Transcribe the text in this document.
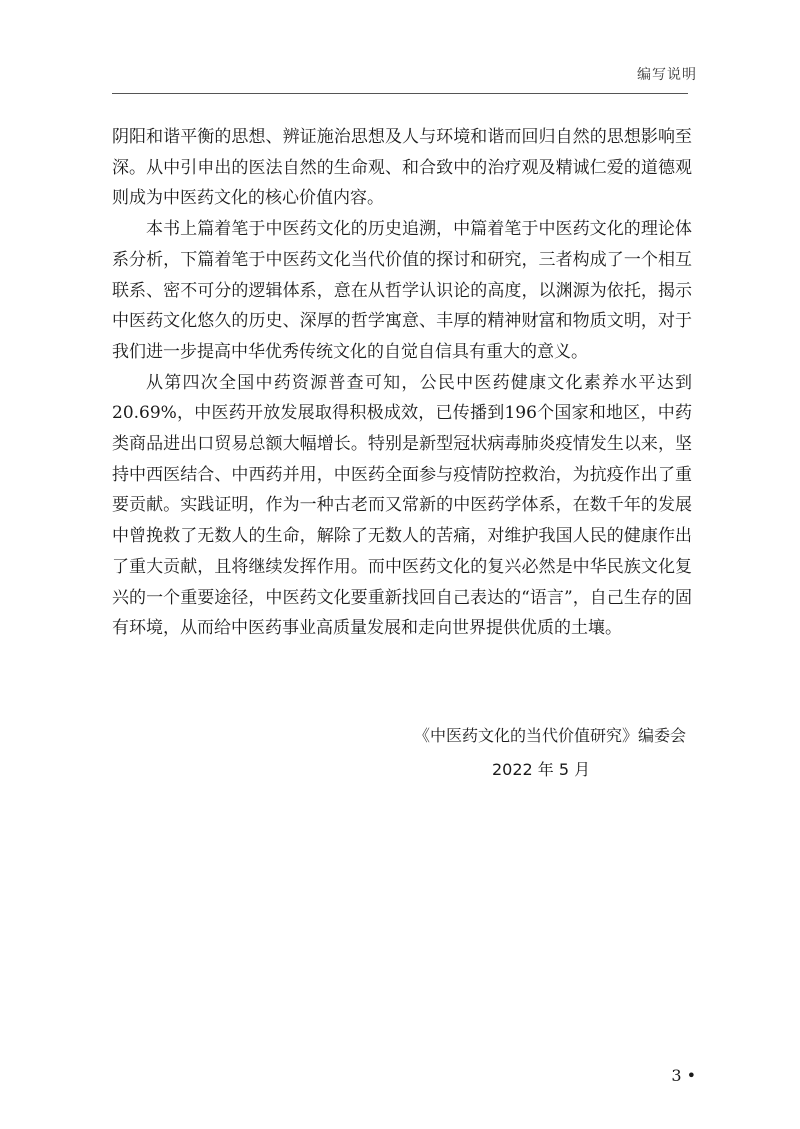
编写说明

阴阳和谐平衡的思想、辨证施治思想及人与环境和谐而回归自然的思想影响至深。从中引申出的医法自然的生命观、和合致中的治疗观及精诚仁爱的道德观则成为中医药文化的核心价值内容。

本书上篇着笔于中医药文化的历史追溯，中篇着笔于中医药文化的理论体系分析，下篇着笔于中医药文化当代价值的探讨和研究，三者构成了一个相互联系、密不可分的逻辑体系，意在从哲学认识论的高度，以渊源为依托，揭示中医药文化悠久的历史、深厚的哲学寓意、丰厚的精神财富和物质文明，对于我们进一步提高中华优秀传统文化的自觉自信具有重大的意义。

从第四次全国中药资源普查可知，公民中医药健康文化素养水平达到20.69%，中医药开放发展取得积极成效，已传播到196个国家和地区，中药类商品进出口贸易总额大幅增长。特别是新型冠状病毒肺炎疫情发生以来，坚持中西医结合、中西药并用，中医药全面参与疫情防控救治，为抗疫作出了重要贡献。实践证明，作为一种古老而又常新的中医药学体系，在数千年的发展中曾挽救了无数人的生命，解除了无数人的苦痛，对维护我国人民的健康作出了重大贡献，且将继续发挥作用。而中医药文化的复兴必然是中华民族文化复兴的一个重要途径，中医药文化要重新找回自己表达的“语言”，自己生存的固有环境，从而给中医药事业高质量发展和走向世界提供优质的土壤。

《中医药文化的当代价值研究》编委会
2022 年 5 月
3 •
